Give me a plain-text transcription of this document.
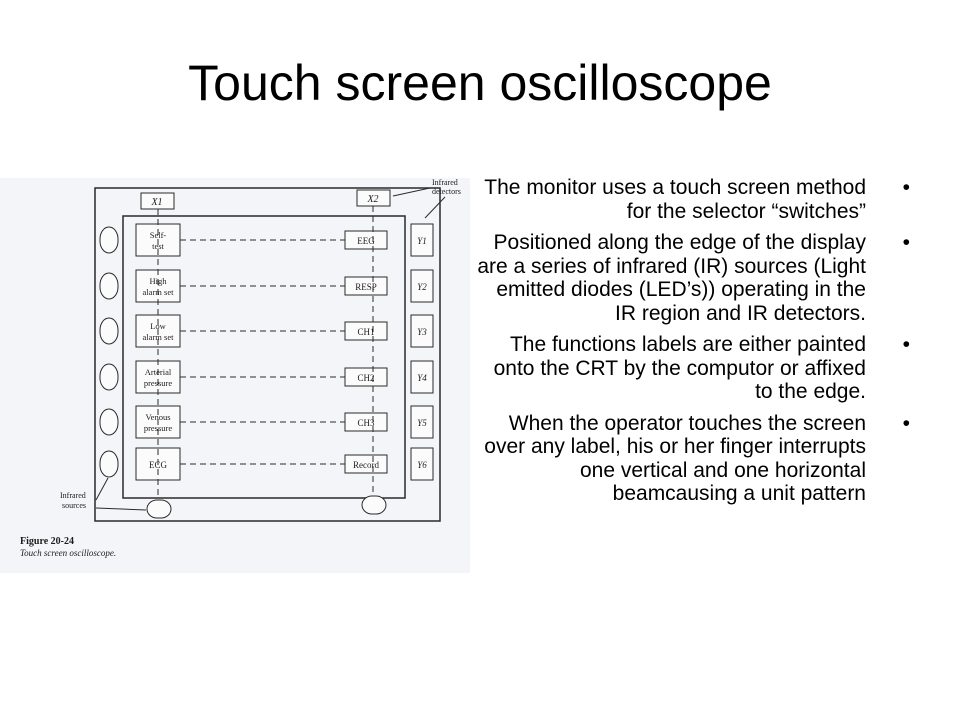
Touch screen oscilloscope
X1	X2
Infrared
detectors
Self-
test	EEG	Y1
High
alarm set	RESP	Y2
Low
alarm set	CH1	Y3
Arterial
pressure	CH2	Y4
Venous
pressure	CH3	Y5
ECG	Record	Y6
Infrared
sources
Figure 20-24
Touch screen oscilloscope.
The monitor uses a touch screen method for the selector “switches”
•
Positioned along the edge of the display are a series of infrared (IR) sources (Light emitted diodes (LED’s)) operating in the IR region and IR detectors.
•
The functions labels are either painted onto the CRT by the computor or affixed to the edge.
•
When the operator touches the screen over any label, his or her finger interrupts one vertical and one horizontal beamcausing a unit pattern
•
